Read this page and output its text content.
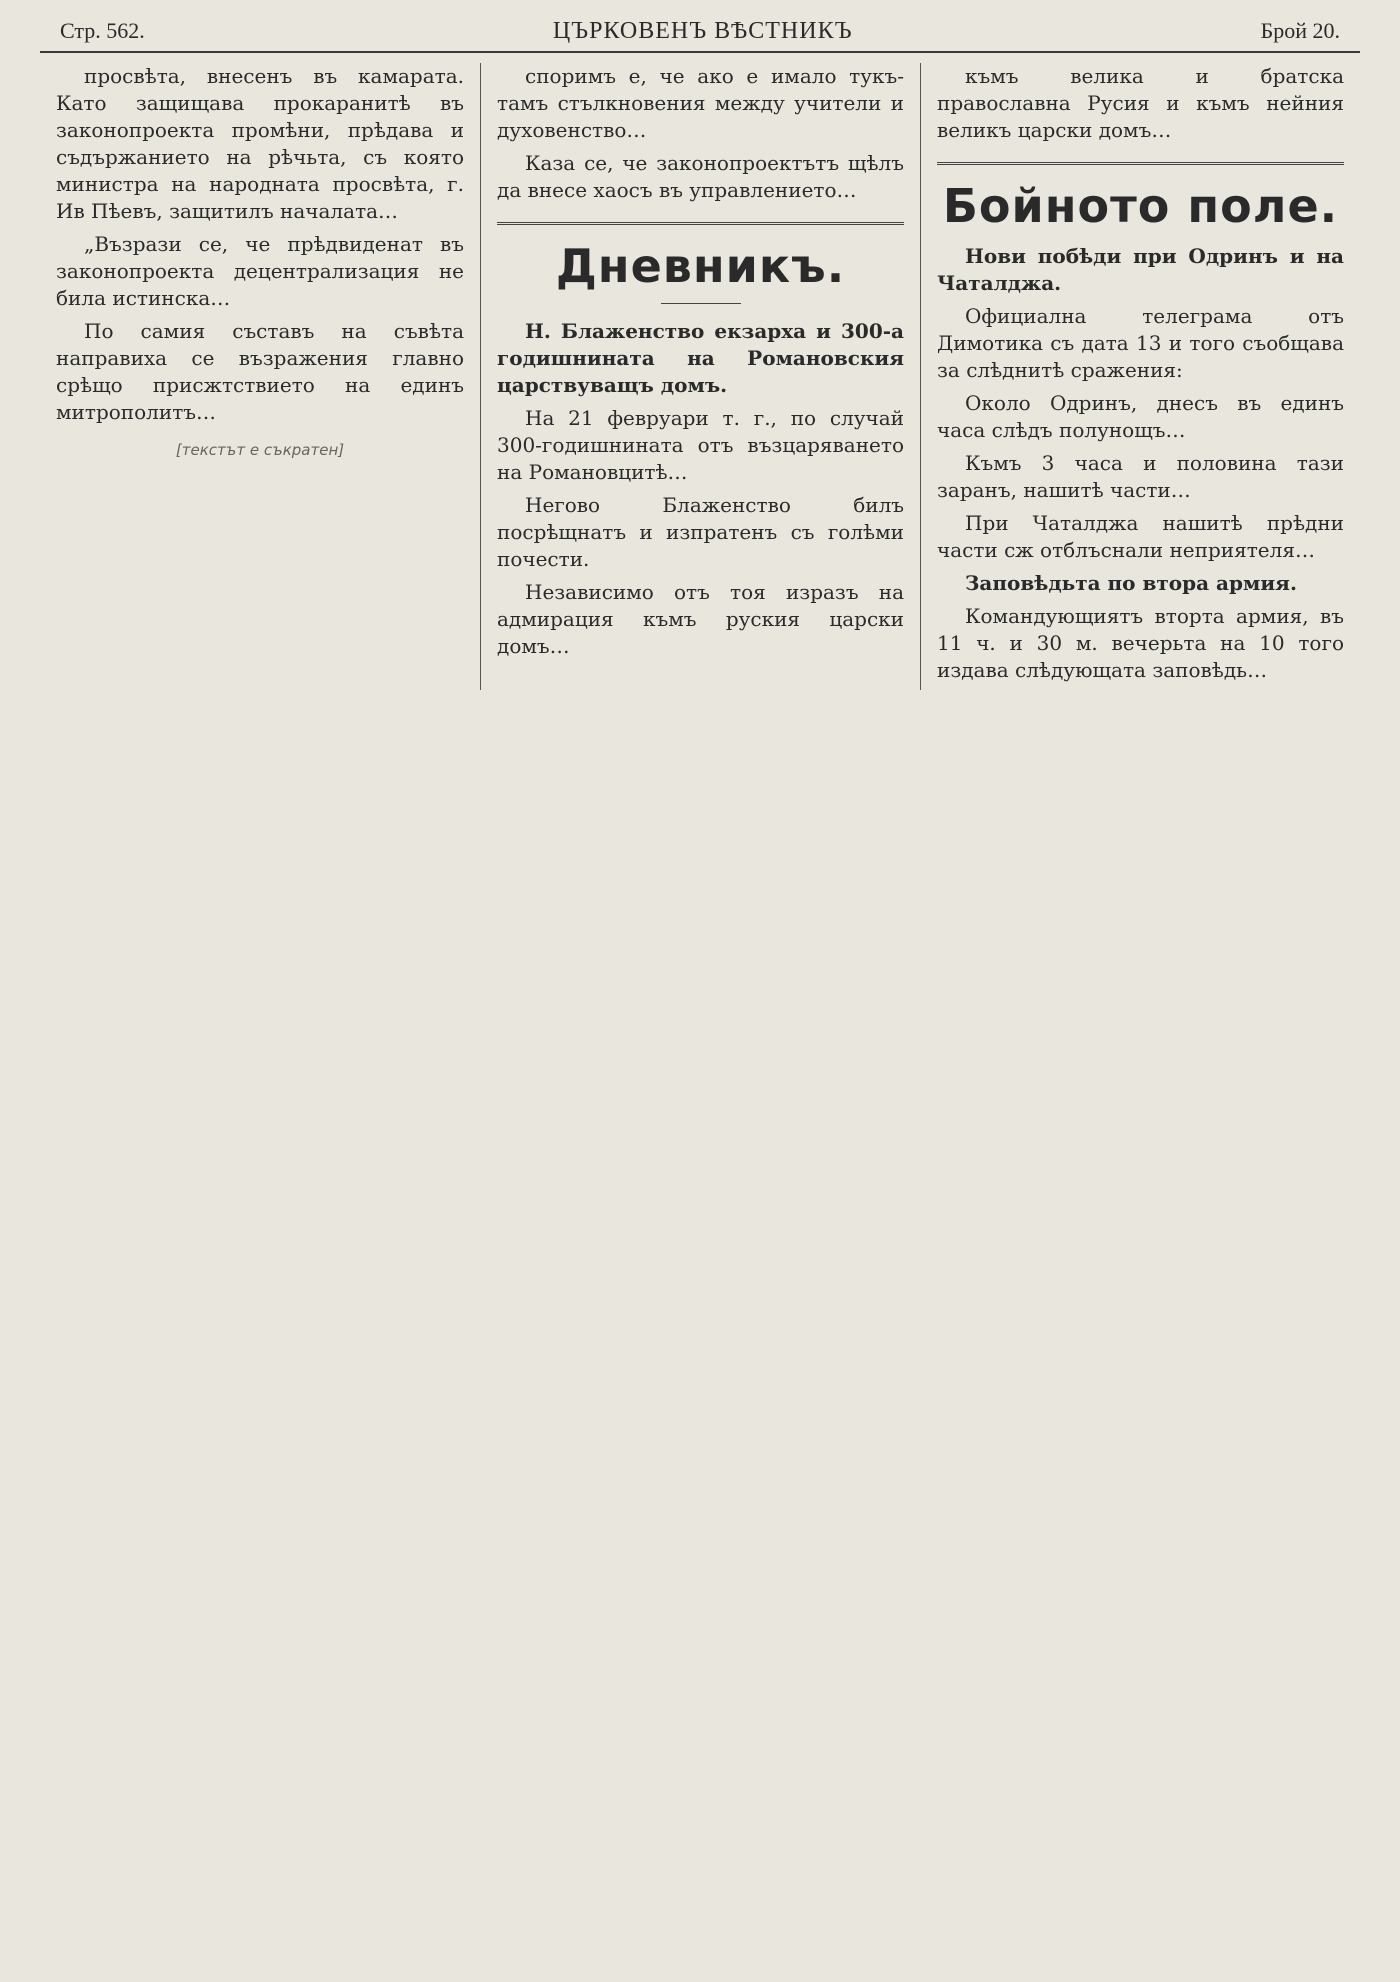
Стр. 562.	ЦЪРКОВЕНЪ ВѢСТНИКЪ	Брой 20.

просвѣта, внесенъ въ камарата. Като защищава прокаранитѣ въ законопроекта промѣни, прѣдава и съдържанието на рѣчьта, съ която министра на народната просвѣта, г. Ив Пѣевъ, защитилъ началата…

„Възрази се, че прѣдвиденат въ законопроекта децентрализация не била истинска…

По самия съставъ на съвѣта направиха се възражения главно срѣщо присжтствието на единъ митрополитъ…

[текстът е съкратен]

споримъ е, че ако е имало тукъ-тамъ стълкновения между учители и духовенство…

Каза се, че законопроектътъ щѣлъ да внесе хаосъ въ управлението…

Дневникъ.

Н. Блаженство екзарха и 300-а годишнината на Романовския царствуващъ домъ.

На 21 февруари т. г., по случай 300-годишнината отъ възцаряването на Романовцитѣ…

Негово Блаженство билъ посрѣщнатъ и изпратенъ съ голѣми почести.

Независимо отъ тоя изразъ на адмирация къмъ руския царски домъ…

къмъ велика и братска православна Русия и къмъ нейния великъ царски домъ…

Бойното поле.

Нови побѣди при Одринъ и на Чаталджа.

Официална телеграма отъ Димотика съ дата 13 и того съобщава за слѣднитѣ сражения:

Около Одринъ, днесъ въ единъ часа слѣдъ полунощъ…

Къмъ 3 часа и половина тази заранъ, нашитѣ части…

При Чаталджа нашитѣ прѣдни части сж отблъснали неприятеля…

Заповѣдьта по втора армия.

Командующиятъ вторта армия, въ 11 ч. и 30 м. вечерьта на 10 того издава слѣдующата заповѣдь…
